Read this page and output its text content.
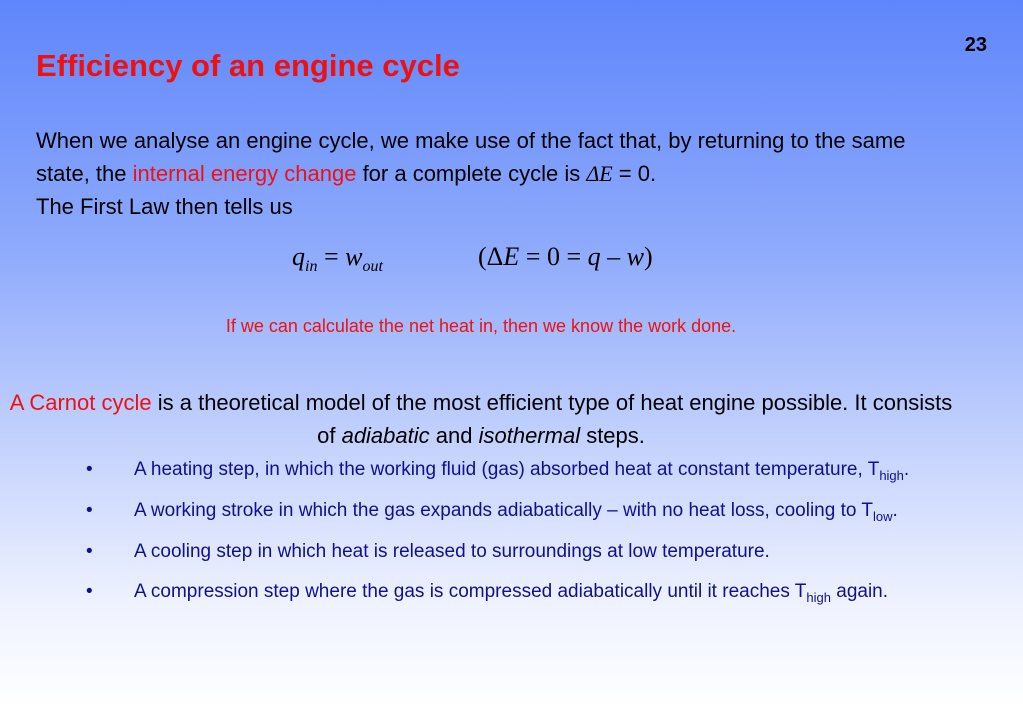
23
Efficiency of an engine cycle
When we analyse an engine cycle, we make use of the fact that, by returning to the same state, the internal energy change for a complete cycle is ΔE = 0.
The First Law then tells us
$q_{in} = w_{out}$	(ΔE = 0 = q – w)
If we can calculate the net heat in, then we know the work done.
A Carnot cycle is a theoretical model of the most efficient type of heat engine possible. It consists of adiabatic and isothermal steps.
• A heating step, in which the working fluid (gas) absorbed heat at constant temperature, $T_{high}$.
• A working stroke in which the gas expands adiabatically – with no heat loss, cooling to $T_{low}$.
• A cooling step in which heat is released to surroundings at low temperature.
• A compression step where the gas is compressed adiabatically until it reaches $T_{high}$ again.
